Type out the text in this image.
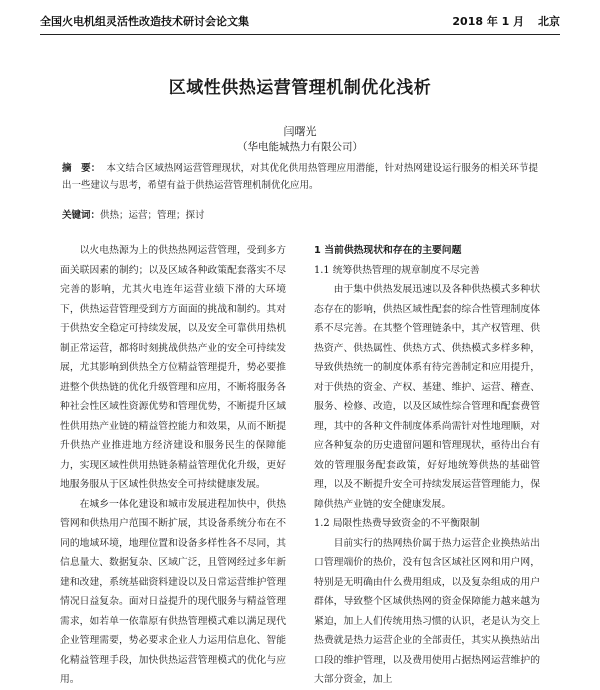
全国火电机组灵活性改造技术研讨会论文集	2018 年 1 月 北京
区域性供热运营管理机制优化浅析
闫曙光
（华电能城热力有限公司）
摘　要： 本文结合区域热网运营管理现状，对其优化供用热管理应用潜能，针对热网建设运行服务的相关环节提出一些建议与思考，希望有益于供热运营管理机制优化应用。
关键词：供热；运营；管理；探讨

以火电热源为上的供热热网运营管理，受到多方面关联因素的制约；以及区域各种政策配套落实不尽完善的影响，尤其火电连年运营业绩下滑的大环境下，供热运营管理受到方方面面的挑战和制约。其对于供热安全稳定可持续发展，以及安全可靠供用热机制正常运营，都将时刻挑战供热产业的安全可持续发展，尤其影响到供热全方位精益管理提升，势必要推进整个供热链的优化升级管理和应用，不断将服务各种社会性区域性资源优势和管理优势，不断提升区域性供用热产业链的精益管控能力和效果，从而不断提升供热产业推进地方经济建设和服务民生的保障能力，实现区域性供用热链条精益管理优化升级，更好地服务服从于区域性供热安全可持续健康发展。

在城乡一体化建设和城市发展进程加快中，供热管网和供热用户范围不断扩展，其设备系统分布在不同的地域环境，地理位置和设备多样性各不尽同，其信息量大、数据复杂、区域广泛，且管网经过多年新建和改建，系统基础资料建设以及日常运营维护管理情况日益复杂。面对日益提升的现代服务与精益管理需求，如若单一依靠原有供热管理模式难以满足现代企业管理需要，势必要求企业人力运用信息化、智能化精益管理手段，加快供热运营管理模式的优化与应用。

1 当前供热现状和存在的主要问题
1.1 统筹供热管理的规章制度不尽完善

由于集中供热发展迅速以及各种供热模式多种状态存在的影响，供热区域性配套的综合性管理制度体系不尽完善。在其整个管理链条中，其产权管理、供热资产、供热属性、供热方式、供热模式多样多种，导致供热统一的制度体系有待完善制定和应用提升，对于供热的资金、产权、基建、维护、运营、稽查、服务、检修、改造，以及区域性综合管理和配套费管理，其中的各种文件制度体系尚需针对性地理顺，对应各种复杂的历史遗留问题和管理现状，亟待出台有效的管理服务配套政策，好好地统筹供热的基础管理，以及不断提升安全可持续发展运营管理能力，保障供热产业链的安全健康发展。

1.2 局限性热费导致资金的不平衡限制

目前实行的热网热价属于热力运营企业换热站出口管理端价的热价，没有包含区域社区网和用户网，特别是无明确由什么费用组成，以及复杂组成的用户群体，导致整个区域供热网的资金保障能力越来越为紧迫，加上人们传统用热习惯的认识，老是认为交上热费就是热力运营企业的全部责任，其实从换热站出口段的维护管理，以及费用使用占据热网运营维护的大部分资金，加上
